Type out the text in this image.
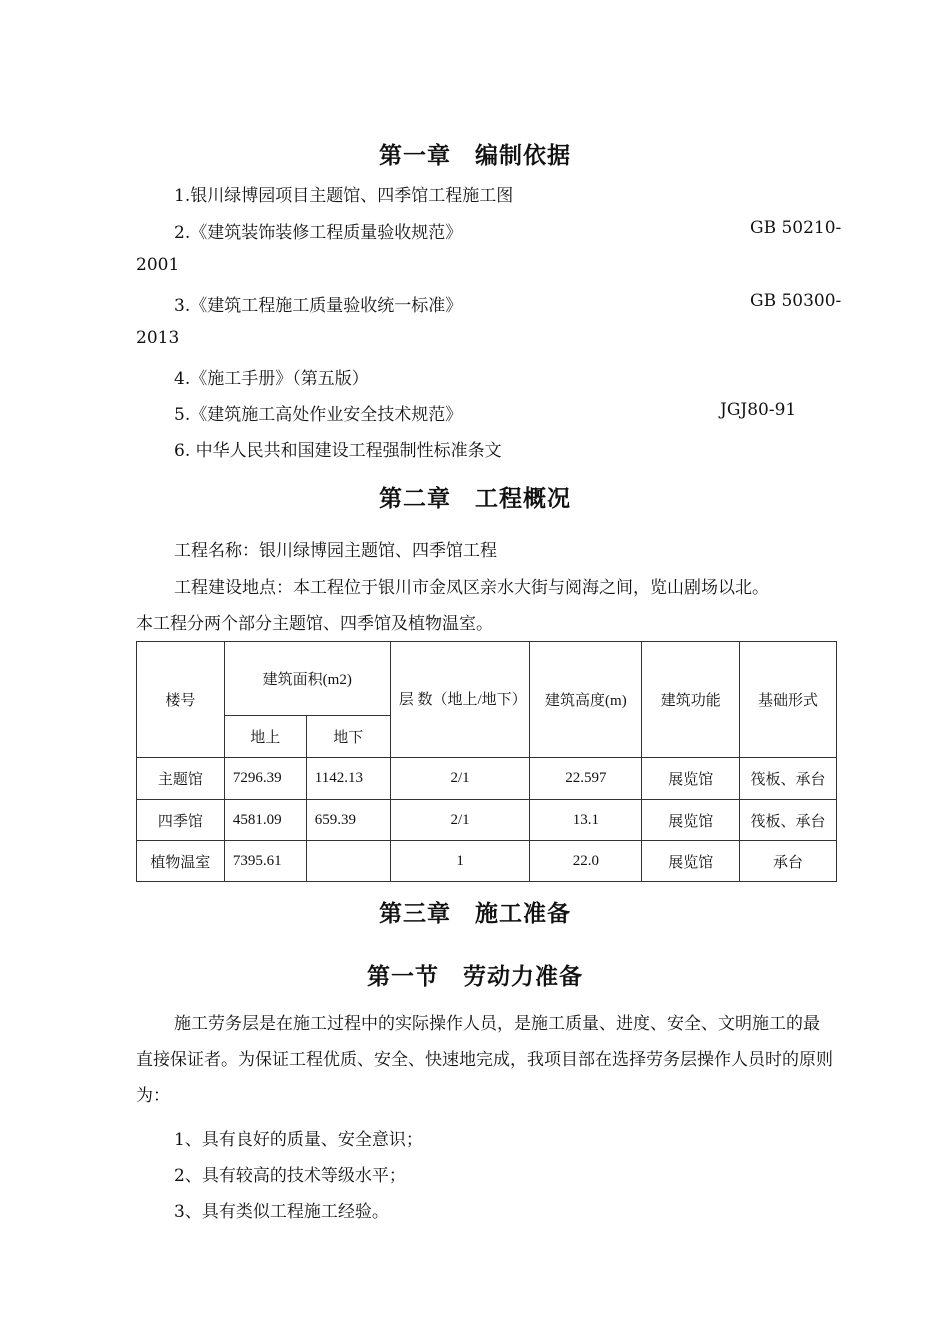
第一章　编制依据
1.银川绿博园项目主题馆、四季馆工程施工图
2.《建筑装饰装修工程质量验收规范》	GB 50210-
2001
3.《建筑工程施工质量验收统一标准》	GB 50300-
2013
4.《施工手册》（第五版）
5.《建筑施工高处作业安全技术规范》	JGJ80-91
6. 中华人民共和国建设工程强制性标准条文
第二章　工程概况
工程名称：银川绿博园主题馆、四季馆工程
工程建设地点：本工程位于银川市金凤区亲水大街与阅海之间，览山剧场以北。
本工程分两个部分主题馆、四季馆及植物温室。
楼号	建筑面积(m2)		层 数（地上/地下）	建筑高度(m)	建筑功能	基础形式
	地上	地下				
主题馆	7296.39	1142.13	2/1	22.597	展览馆	筏板、承台
四季馆	4581.09	659.39	2/1	13.1	展览馆	筏板、承台
植物温室	7395.61		1	22.0	展览馆	承台
第三章　施工准备
第一节　劳动力准备
施工劳务层是在施工过程中的实际操作人员，是施工质量、进度、安全、文明施工的最直接保证者。为保证工程优质、安全、快速地完成，我项目部在选择劳务层操作人员时的原则为：
1、具有良好的质量、安全意识；
2、具有较高的技术等级水平；
3、具有类似工程施工经验。
